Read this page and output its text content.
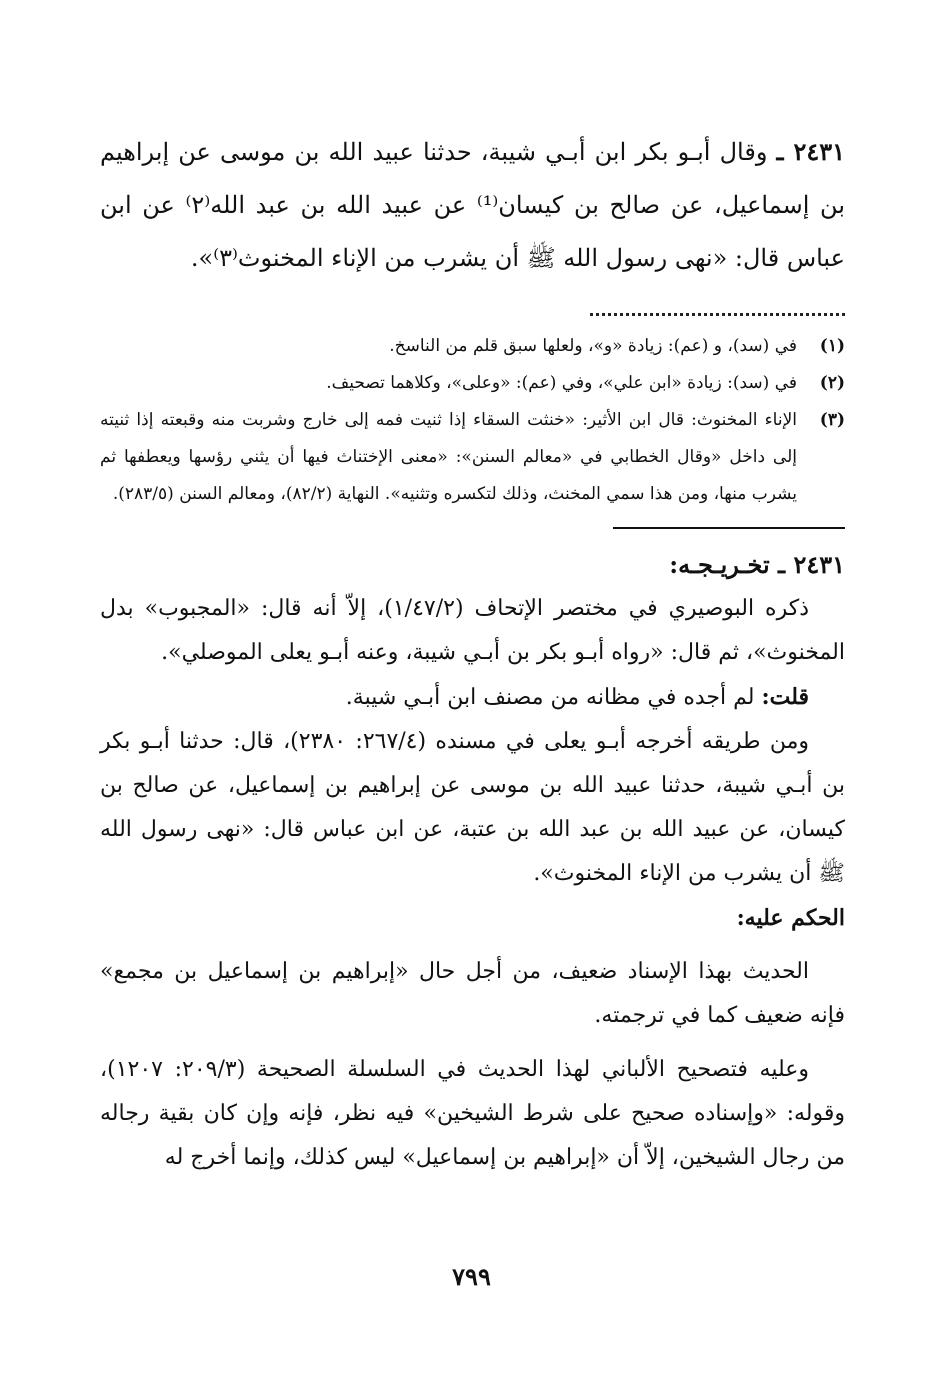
٢٤٣١ ـ وقال أبـو بكر ابن أبـي شيبة، حدثنا عبيد الله بن موسى عن إبراهيم بن إسماعيل، عن صالح بن كيسان⁽¹⁾ عن عبيد الله بن عبد الله⁽٢⁾ عن ابن عباس قال: «نهى رسول الله ﷺ أن يشرب من الإناء المخنوث⁽٣⁾».

(١)
في (سد)، و (عم): زيادة «و»، ولعلها سبق قلم من الناسخ.
(٢)
في (سد): زيادة «ابن علي»، وفي (عم): «وعلى»، وكلاهما تصحيف.
(٣)
الإناء المخنوث: قال ابن الأثير: «خنثت السقاء إذا ثنيت فمه إلى خارج وشربت منه وقبعته إذا ثنيته إلى داخل «وقال الخطابي في «معالم السنن»: «معنى الإختناث فيها أن يثني رؤسها ويعطفها ثم يشرب منها، ومن هذا سمي المخنث، وذلك لتكسره وتثنيه». النهاية (٨٢/٢)، ومعالم السنن (٢٨٣/٥).
٢٤٣١ ـ تخـريـجـه:

ذكره البوصيري في مختصر الإتحاف (١/٤٧/٢)، إلاّ أنه قال: «المجبوب» بدل المخنوث»، ثم قال: «رواه أبـو بكر بن أبـي شيبة، وعنه أبـو يعلى الموصلي».

قلت: لم أجده في مظانه من مصنف ابن أبـي شيبة.

ومن طريقه أخرجه أبـو يعلى في مسنده (٢٦٧/٤: ٢٣٨٠)، قال: حدثنا أبـو بكر بن أبـي شيبة، حدثنا عبيد الله بن موسى عن إبراهيم بن إسماعيل، عن صالح بن كيسان، عن عبيد الله بن عبد الله بن عتبة، عن ابن عباس قال: «نهى رسول الله ﷺ أن يشرب من الإناء المخنوث».

الحكم عليه:

الحديث بهذا الإسناد ضعيف، من أجل حال «إبراهيم بن إسماعيل بن مجمع» فإنه ضعيف كما في ترجمته.

وعليه فتصحيح الألباني لهذا الحديث في السلسلة الصحيحة (٢٠٩/٣: ١٢٠٧)، وقوله: «وإسناده صحيح على شرط الشيخين» فيه نظر، فإنه وإن كان بقية رجاله من رجال الشيخين، إلاّ أن «إبراهيم بن إسماعيل» ليس كذلك، وإنما أخرج له

٧٩٩
